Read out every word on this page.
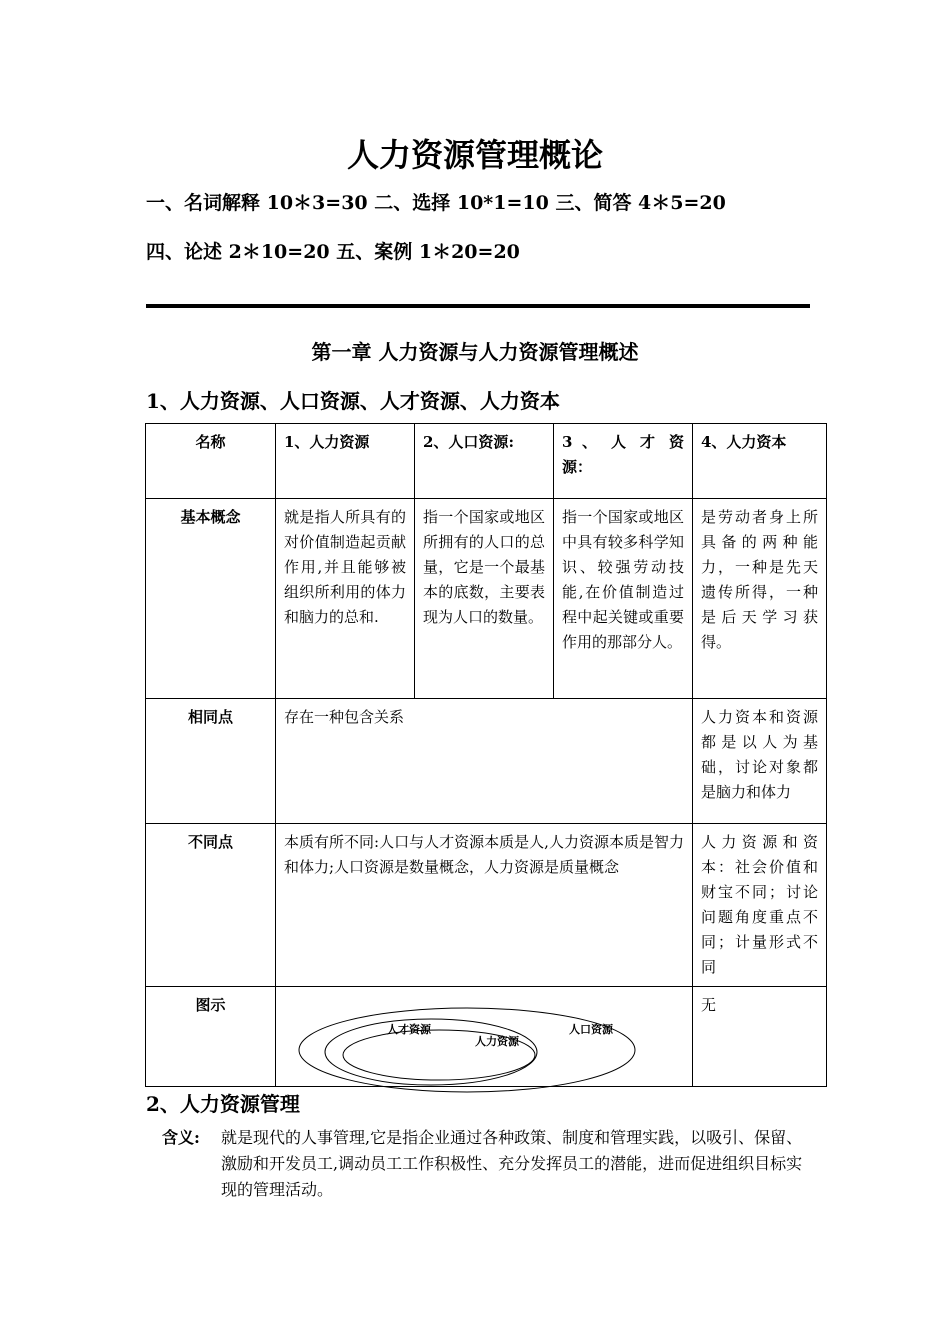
人力资源管理概论
一、名词解释 10＊3=30 二、选择 10*1=10 三、简答 4＊5=20
四、论述 2＊10=20 五、案例 1＊20=20
第一章 人力资源与人力资源管理概述
1、人力资源、人口资源、人才资源、人力资本
名称	1、人力资源	2、人口资源:	3 、 人 才 资 源：	4、人力资本
基本概念	就是指人所具有的对价值制造起贡献作用,并且能够被组织所利用的体力和脑力的总和.	指一个国家或地区所拥有的人口的总量，它是一个最基本的底数，主要表现为人口的数量。	指一个国家或地区中具有较多科学知识、较强劳动技能,在价值制造过程中起关键或重要作用的那部分人。	是劳动者身上所具备的两种能力，一种是先天遗传所得，一种是后天学习获得。
相同点	存在一种包含关系			人力资本和资源都是以人为基础，讨论对象都是脑力和体力
不同点	本质有所不同:人口与人才资源本质是人,人力资源本质是智力和体力;人口资源是数量概念，人力资源是质量概念			人力资源和资本：社会价值和财宝不同；讨论问题角度重点不同；计量形式不同
图示				无
人口资源
人才资源
人力资源
2、人力资源管理
含义: 就是现代的人事管理,它是指企业通过各种政策、制度和管理实践，以吸引、保留、激励和开发员工,调动员工工作积极性、充分发挥员工的潜能，进而促进组织目标实现的管理活动。
